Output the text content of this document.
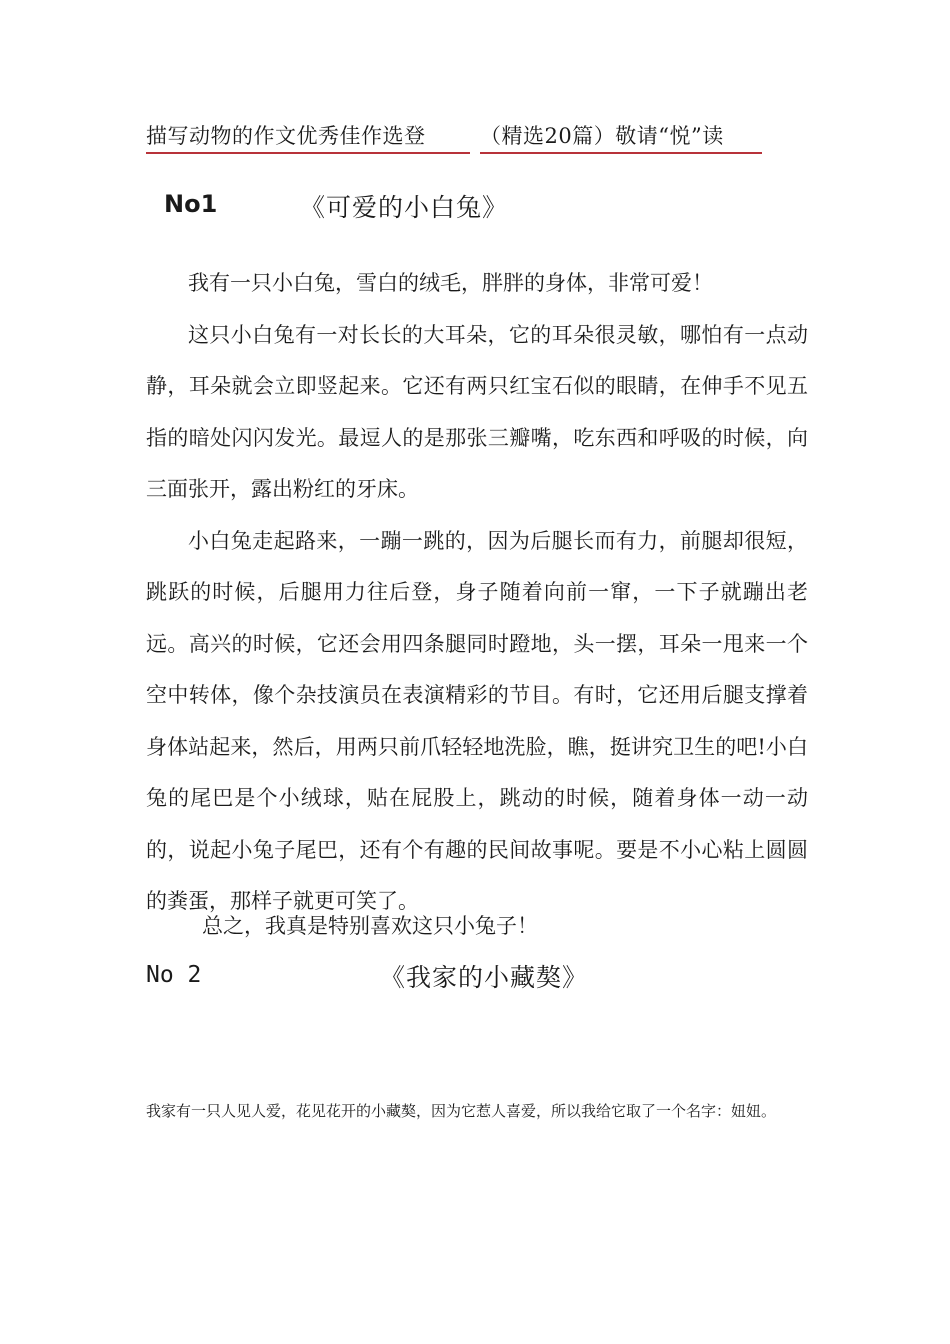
描写动物的作文优秀佳作选登	（精选20篇）敬请“悦”读
No1	《可爱的小白兔》

我有一只小白兔，雪白的绒毛，胖胖的身体，非常可爱！

这只小白兔有一对长长的大耳朵，它的耳朵很灵敏，哪怕有一点动静，耳朵就会立即竖起来。它还有两只红宝石似的眼睛，在伸手不见五指的暗处闪闪发光。最逗人的是那张三瓣嘴，吃东西和呼吸的时候，向三面张开，露出粉红的牙床。

小白兔走起路来，一蹦一跳的，因为后腿长而有力，前腿却很短，跳跃的时候，后腿用力往后登，身子随着向前一窜，一下子就蹦出老远。高兴的时候，它还会用四条腿同时蹬地，头一摆，耳朵一甩来一个空中转体，像个杂技演员在表演精彩的节目。有时，它还用后腿支撑着身体站起来，然后，用两只前爪轻轻地洗脸，瞧，挺讲究卫生的吧!小白兔的尾巴是个小绒球，贴在屁股上，跳动的时候，随着身体一动一动的，说起小兔子尾巴，还有个有趣的民间故事呢。要是不小心粘上圆圆的粪蛋，那样子就更可笑了。

总之，我真是特别喜欢这只小兔子！
No 2	《我家的小藏獒》

我家有一只人见人爱，花见花开的小藏獒，因为它惹人喜爱，所以我给它取了一个名字：妞妞。
